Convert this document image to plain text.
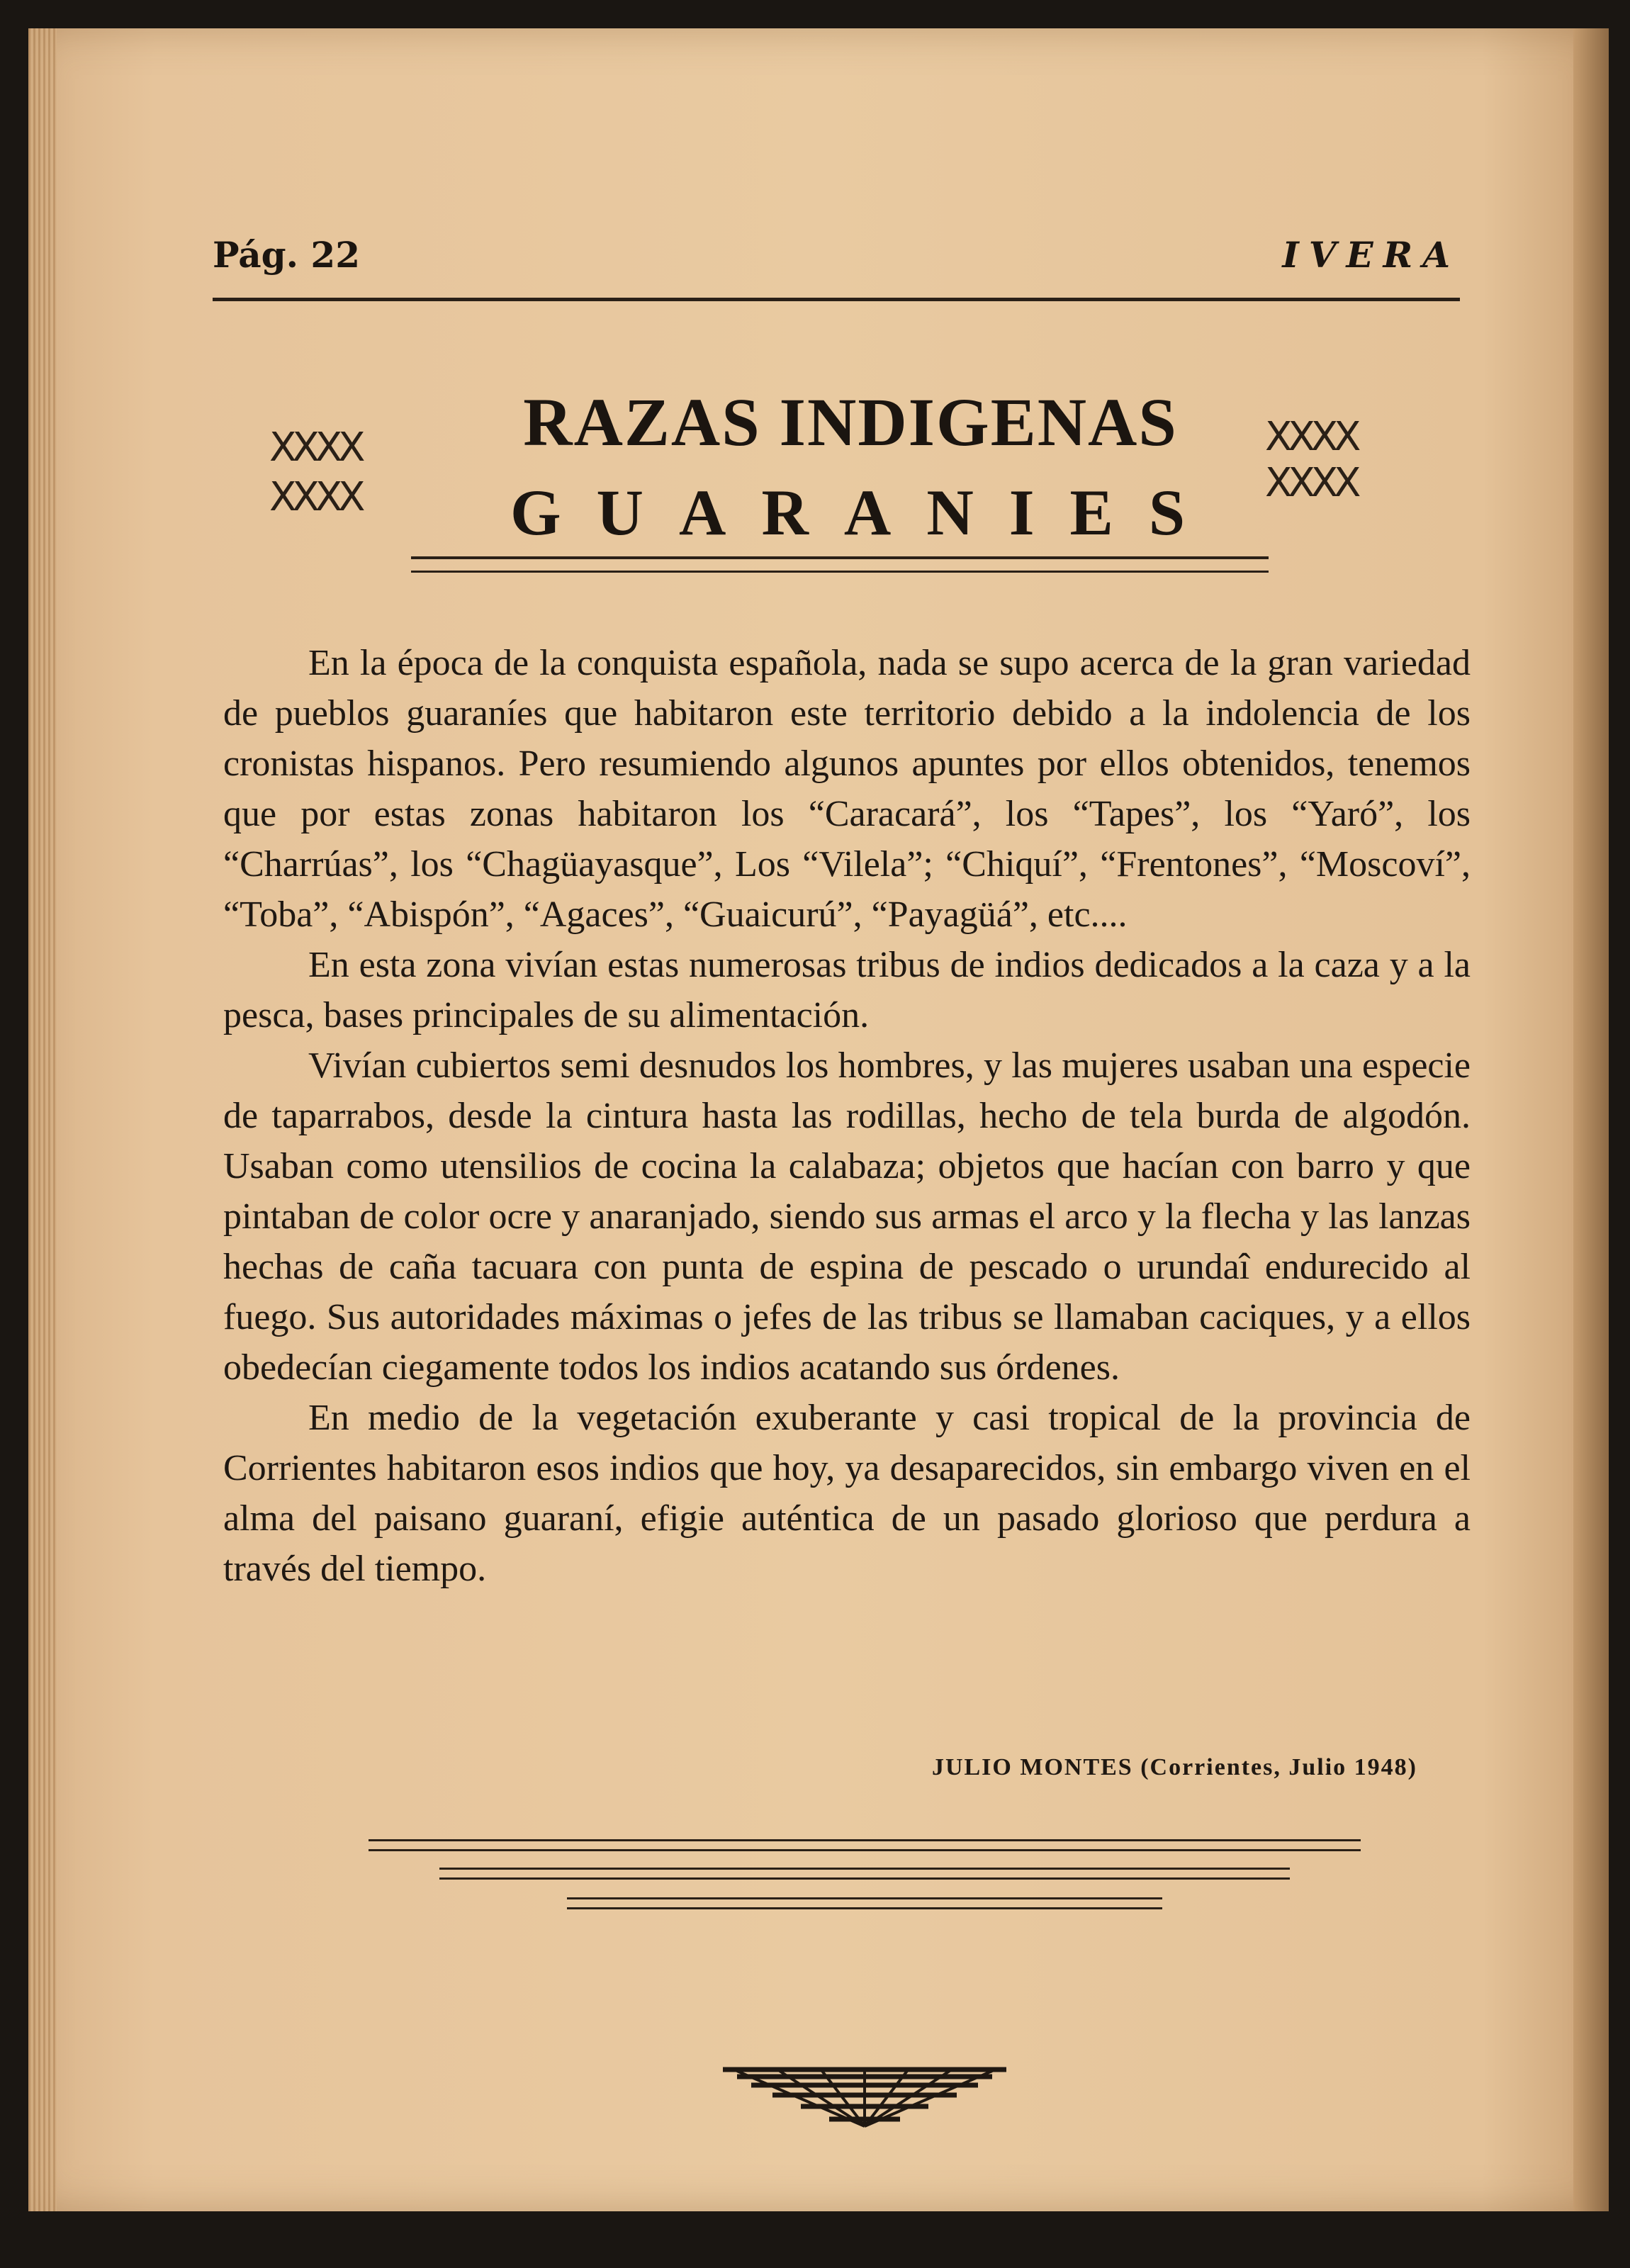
Pág. 22	IVERA
XXXX
XXXX
RAZAS INDIGENAS
GUARANIES
XXXX
XXXX

En la época de la conquista española, nada se supo acerca de la gran variedad de pueblos guaraníes que habitaron este territorio debido a la indolencia de los cronistas hispanos. Pero resumiendo algunos apuntes por ellos obtenidos, tenemos que por estas zonas habitaron los “Caracará”, los “Tapes”, los “Yaró”, los “Charrúas”, los “Chagüayasque”, Los “Vilela”; “Chiquí”, “Frentones”, “Moscoví”, “Toba”, “Abispón”, “Agaces”, “Guaicurú”, “Payagüá”, etc....

En esta zona vivían estas numerosas tribus de indios dedicados a la caza y a la pesca, bases principales de su alimentación.

Vivían cubiertos semi desnudos los hombres, y las mujeres usaban una especie de taparrabos, desde la cintura hasta las rodillas, hecho de tela burda de algodón. Usaban como utensilios de cocina la calabaza; objetos que hacían con barro y que pintaban de color ocre y anaranjado, siendo sus armas el arco y la flecha y las lanzas hechas de caña tacuara con punta de espina de pescado o urundaî endurecido al fuego. Sus autoridades máximas o jefes de las tribus se llamaban caciques, y a ellos obedecían ciegamente todos los indios acatando sus órdenes.

En medio de la vegetación exuberante y casi tropical de la provincia de Corrientes habitaron esos indios que hoy, ya desaparecidos, sin embargo viven en el alma del paisano guaraní, efigie auténtica de un pasado glorioso que perdura a través del tiempo.

JULIO MONTES (Corrientes, Julio 1948)
